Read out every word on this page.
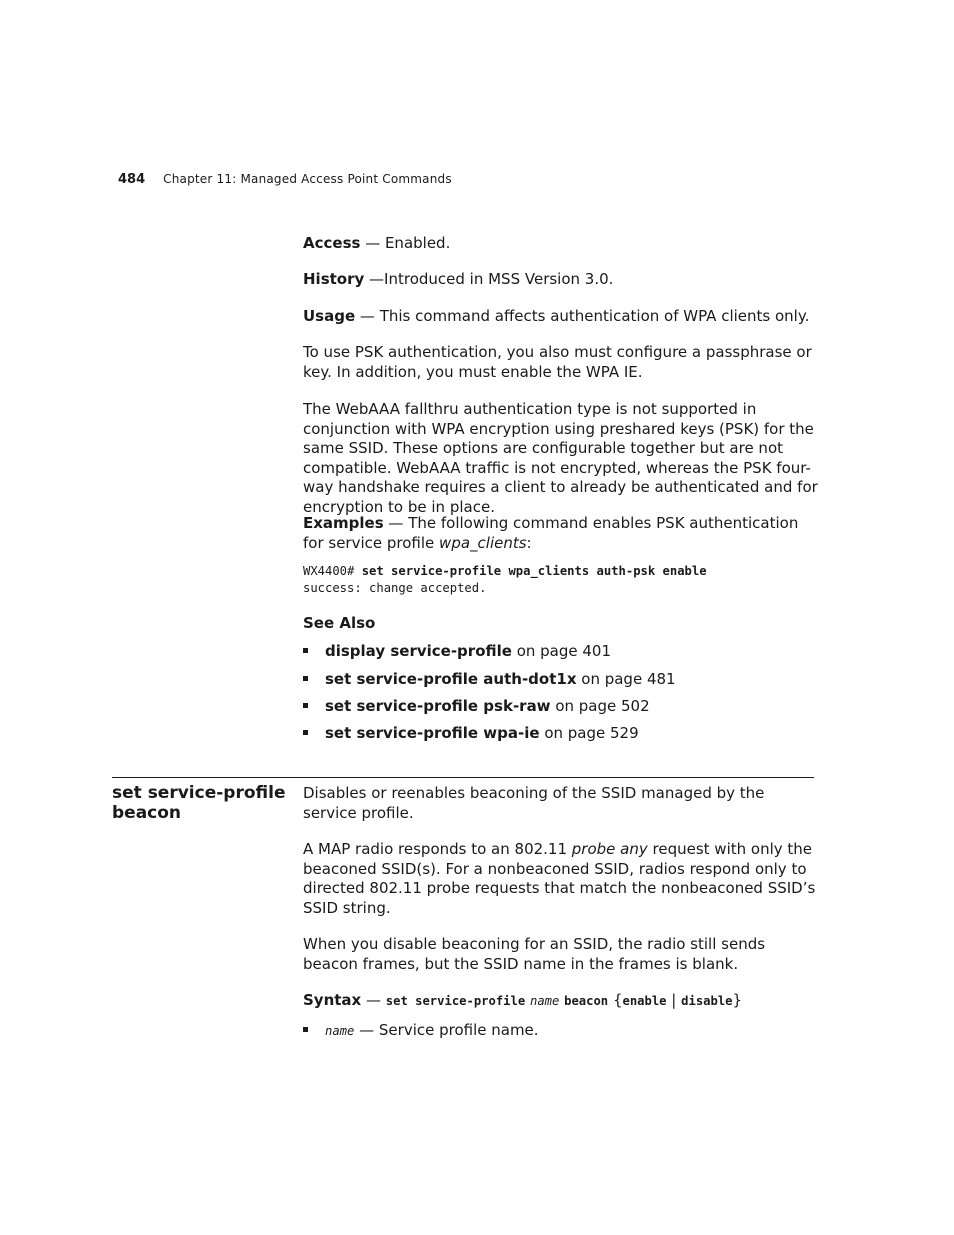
484 Chapter 11: Managed Access Point Commands
Access — Enabled.
History —Introduced in MSS Version 3.0.
Usage — This command affects authentication of WPA clients only.
To use PSK authentication, you also must configure a passphrase or key. In addition, you must enable the WPA IE.
The WebAAA fallthru authentication type is not supported in conjunction with WPA encryption using preshared keys (PSK) for the same SSID. These options are configurable together but are not compatible. WebAAA traffic is not encrypted, whereas the PSK four-way handshake requires a client to already be authenticated and for encryption to be in place.
Examples — The following command enables PSK authentication for service profile wpa_clients:
WX4400# set service-profile wpa_clients auth-psk enable
success: change accepted.
See Also
display service-profile on page 401
set service-profile auth-dot1x on page 481
set service-profile psk-raw on page 502
set service-profile wpa-ie on page 529
set service-profile beacon
Disables or reenables beaconing of the SSID managed by the service profile.
A MAP radio responds to an 802.11 probe any request with only the beaconed SSID(s). For a nonbeaconed SSID, radios respond only to directed 802.11 probe requests that match the nonbeaconed SSID’s SSID string.
When you disable beaconing for an SSID, the radio still sends beacon frames, but the SSID name in the frames is blank.
Syntax — set service-profile name beacon {enable | disable}
name — Service profile name.
